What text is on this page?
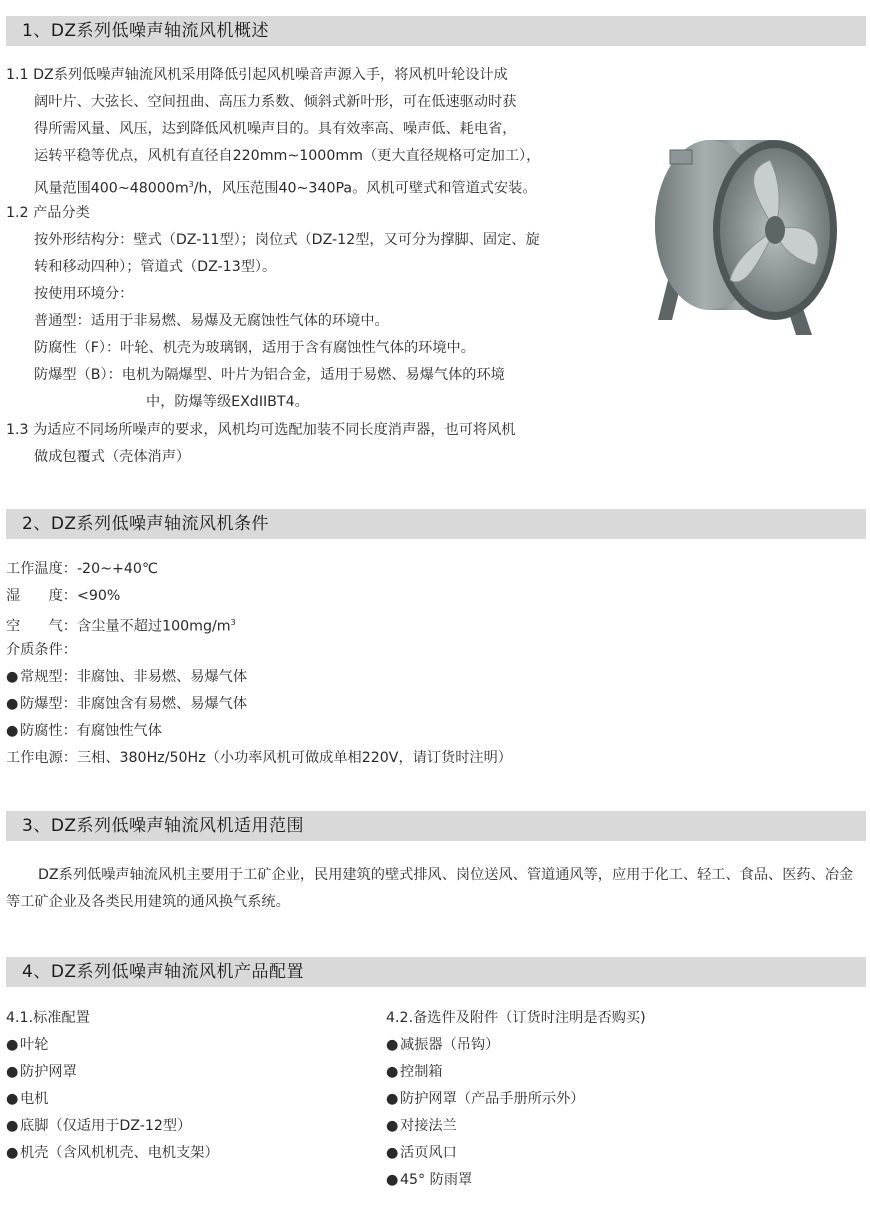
1、DZ系列低噪声轴流风机概述
1.1 DZ系列低噪声轴流风机采用降低引起风机噪音声源入手，将风机叶轮设计成
阔叶片、大弦长、空间扭曲、高压力系数、倾斜式新叶形，可在低速驱动时获
得所需风量、风压，达到降低风机噪声目的。具有效率高、噪声低、耗电省，
运转平稳等优点，风机有直径自220mm~1000mm（更大直径规格可定加工），
风量范围$400\sim 48000m^3/h$，风压范围40~340Pa。风机可壁式和管道式安装。
1.2 产品分类
按外形结构分：壁式（DZ-11型）；岗位式（DZ-12型，又可分为撑脚、固定、旋
转和移动四种）；管道式（DZ-13型）。
按使用环境分：
普通型：适用于非易燃、易爆及无腐蚀性气体的环境中。
防腐性（F）：叶轮、机壳为玻璃钢，适用于含有腐蚀性气体的环境中。
防爆型（B）：电机为隔爆型、叶片为铝合金，适用于易燃、易爆气体的环境
中，防爆等级EXdIIBT4。
1.3 为适应不同场所噪声的要求，风机均可选配加装不同长度消声器，也可将风机
做成包覆式（壳体消声）
2、DZ系列低噪声轴流风机条件
工作温度：-20~+40℃
湿　　度：<90%
空　　气：含尘量不超过$100mg/m^3$
介质条件：
● 常规型：非腐蚀、非易燃、易爆气体
● 防爆型：非腐蚀含有易燃、易爆气体
● 防腐性：有腐蚀性气体
工作电源：三相、380Hz/50Hz（小功率风机可做成单相220V，请订货时注明）
3、DZ系列低噪声轴流风机适用范围
DZ系列低噪声轴流风机主要用于工矿企业，民用建筑的壁式排风、岗位送风、管道通风等，应用于化工、轻工、食品、医药、冶金等工矿企业及各类民用建筑的通风换气系统。
4、DZ系列低噪声轴流风机产品配置
4.1.标准配置
● 叶轮
● 防护网罩
● 电机
● 底脚（仅适用于DZ-12型）
● 机壳（含风机机壳、电机支架）
4.2.备选件及附件（订货时注明是否购买)
● 减振器（吊钩）
● 控制箱
● 防护网罩（产品手册所示外）
● 对接法兰
● 活页风口
● 45° 防雨罩
